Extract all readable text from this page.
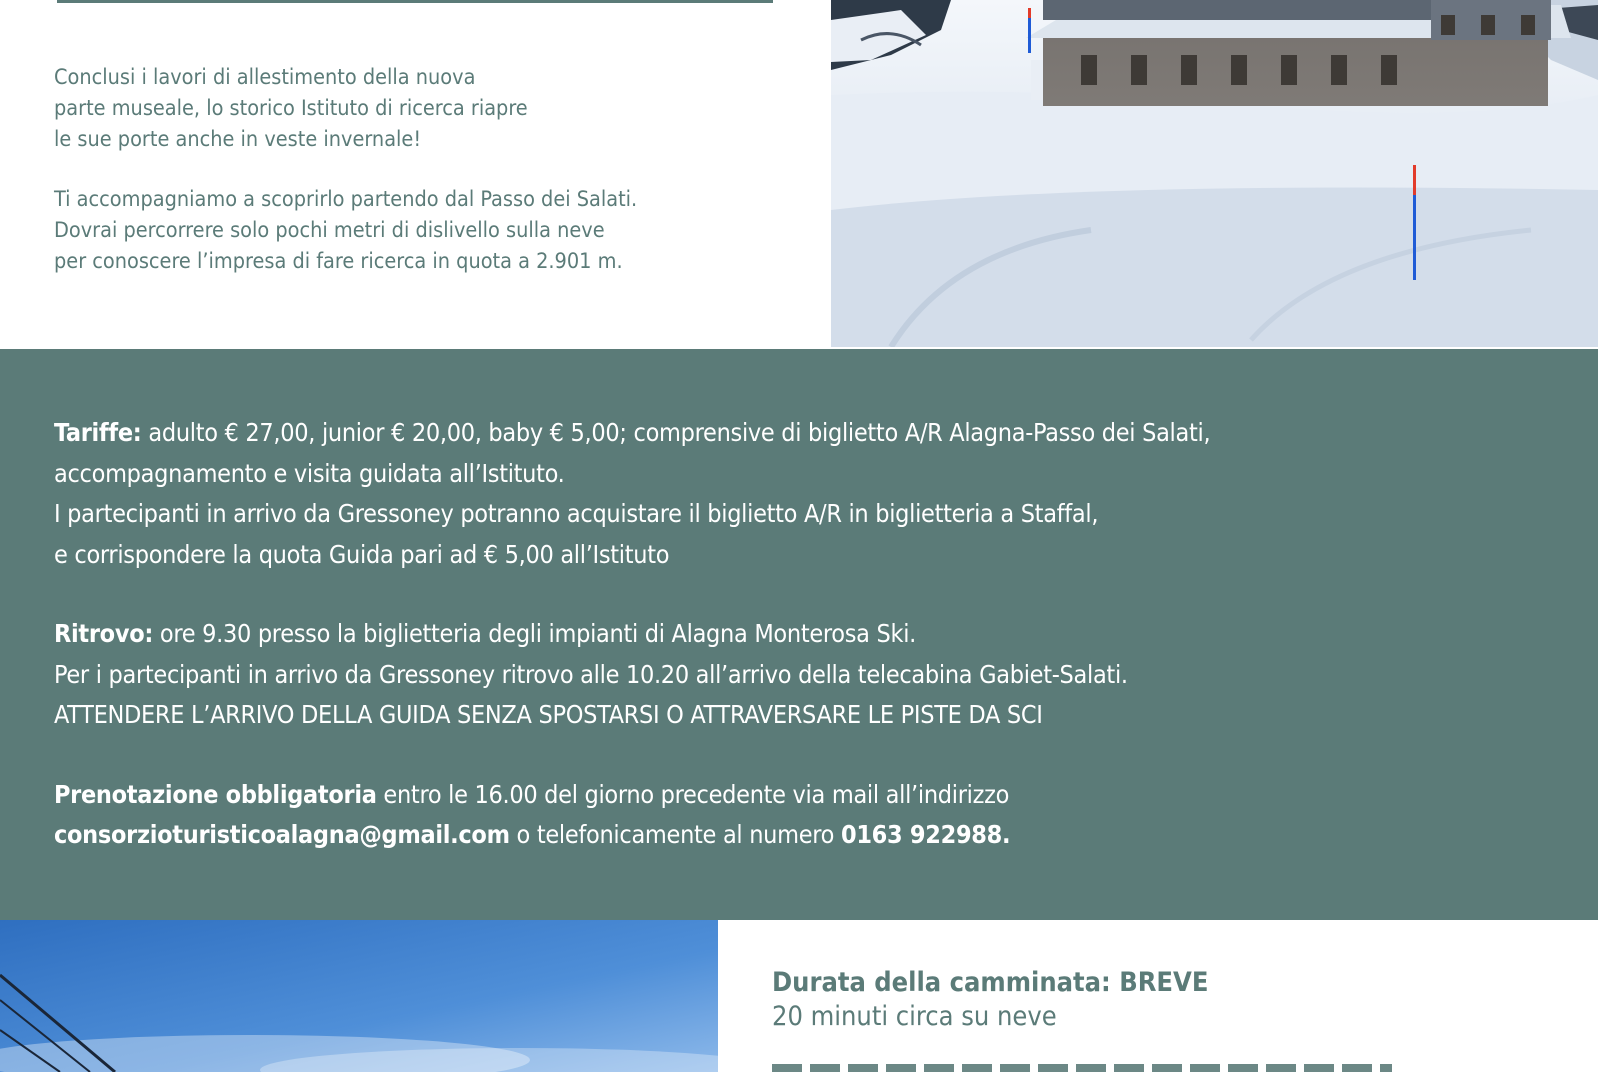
Conclusi i lavori di allestimento della nuova
parte museale, lo storico Istituto di ricerca riapre
le sue porte anche in veste invernale!

Ti accompagniamo a scoprirlo partendo dal Passo dei Salati.
Dovrai percorrere solo pochi metri di dislivello sulla neve
per conoscere l’impresa di fare ricerca in quota a 2.901 m.

Tariffe: adulto € 27,00, junior € 20,00, baby € 5,00; comprensive di biglietto A/R Alagna-Passo dei Salati,
accompagnamento e visita guidata all’Istituto.
I partecipanti in arrivo da Gressoney potranno acquistare il biglietto A/R in biglietteria a Staffal,
e corrispondere la quota Guida pari ad € 5,00 all’Istituto

Ritrovo: ore 9.30 presso la biglietteria degli impianti di Alagna Monterosa Ski.
Per i partecipanti in arrivo da Gressoney ritrovo alle 10.20 all’arrivo della telecabina Gabiet-Salati.
ATTENDERE L’ARRIVO DELLA GUIDA SENZA SPOSTARSI O ATTRAVERSARE LE PISTE DA SCI

Prenotazione obbligatoria entro le 16.00 del giorno precedente via mail all’indirizzo
consorzioturisticoalagna@gmail.com o telefonicamente al numero 0163 922988.

Durata della camminata: BREVE
20 minuti circa su neve
